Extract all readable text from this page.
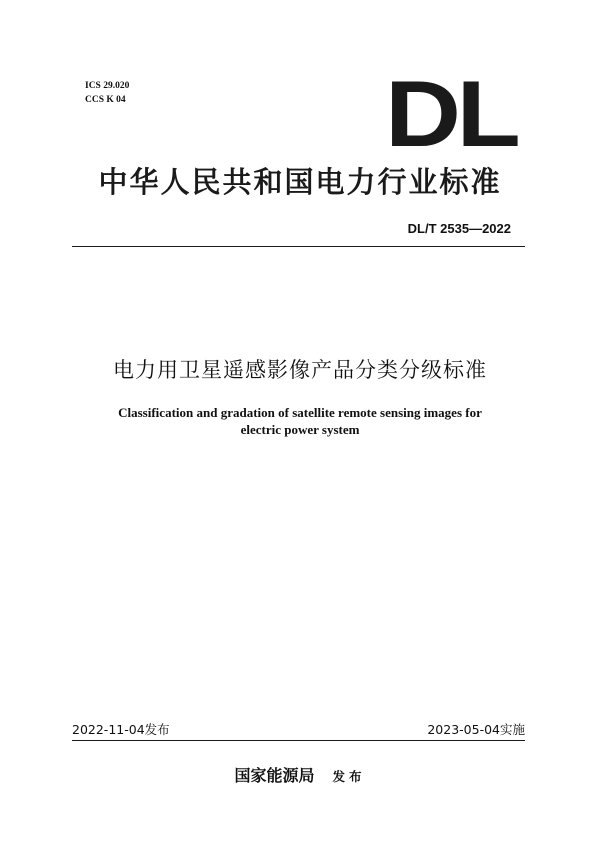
ICS 29.020
CCS K 04	DL
中华人民共和国电力行业标准
DL/T 2535—2022
电力用卫星遥感影像产品分类分级标准
Classification and gradation of satellite remote sensing images for
electric power system
2022-11-04发布	2023-05-04实施
国家能源局 发布
